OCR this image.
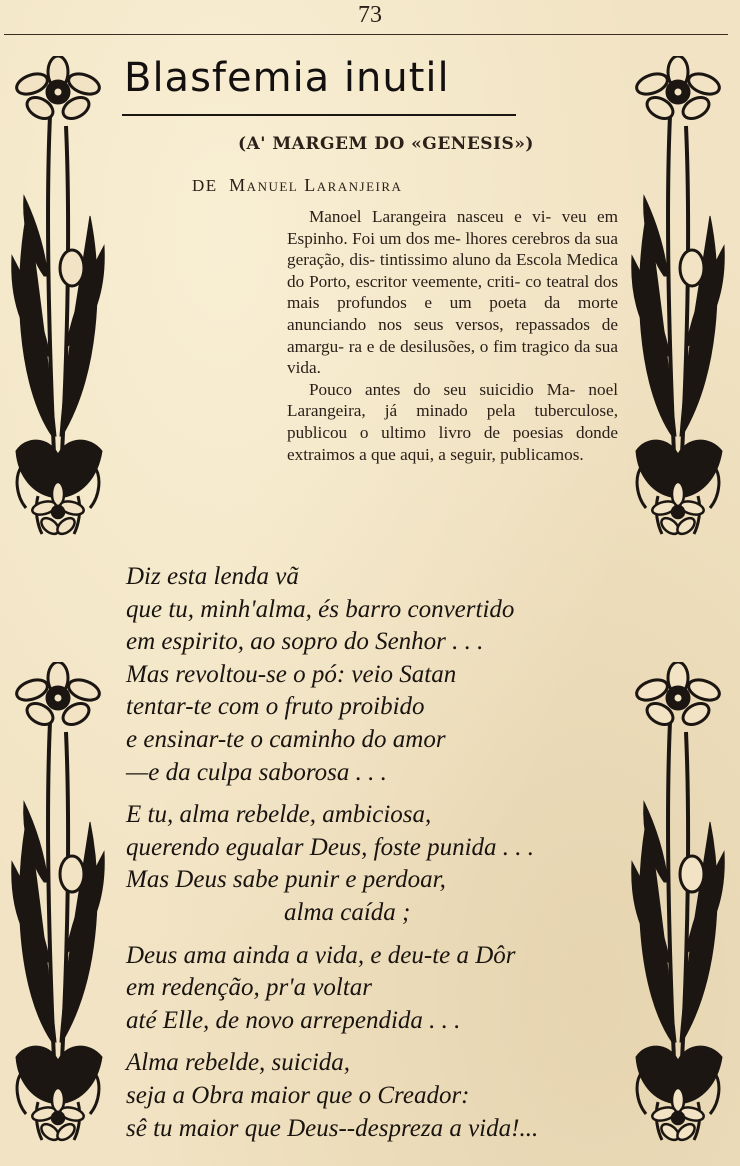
73
Blasfemia inutil
(A' MARGEM DO «GENESIS»)
DE Manuel Laranjeira

Manoel Larangeira nasceu e vi- veu em Espinho. Foi um dos me- lhores cerebros da sua geração, dis- tintissimo aluno da Escola Medica do Porto, escritor veemente, criti- co teatral dos mais profundos e um poeta da morte anunciando nos seus versos, repassados de amargu- ra e de desilusões, o fim tragico da sua vida.

Pouco antes do seu suicidio Ma- noel Larangeira, já minado pela tuberculose, publicou o ultimo livro de poesias donde extraimos a que aqui, a seguir, publicamos.

Diz esta lenda vã
que tu, minh'alma, és barro convertido
em espirito, ao sopro do Senhor . . .
Mas revoltou-se o pó: veio Satan
tentar-te com o fruto proibido
e ensinar-te o caminho do amor
—e da culpa saborosa . . .
E tu, alma rebelde, ambiciosa,
querendo egualar Deus, foste punida . . .
Mas Deus sabe punir e perdoar,
alma caída ;
Deus ama ainda a vida, e deu-te a Dôr
em redenção, pr'a voltar
até Elle, de novo arrependida . . .
Alma rebelde, suicida,
seja a Obra maior que o Creador:
sê tu maior que Deus--despreza a vida!...
